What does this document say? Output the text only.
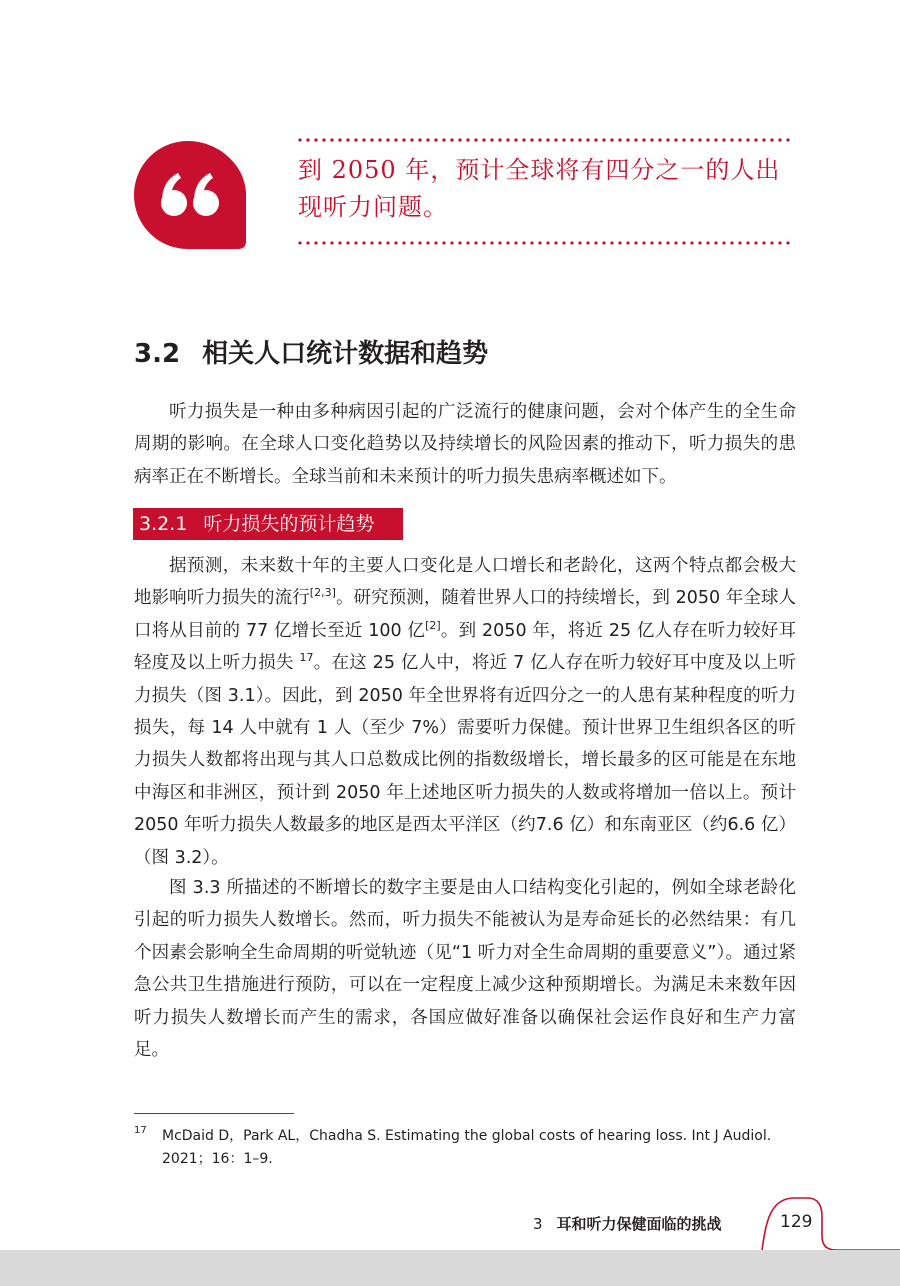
到 2050 年，预计全球将有四分之一的人出现听力问题。
3.2 相关人口统计数据和趋势

听力损失是一种由多种病因引起的广泛流行的健康问题，会对个体产生的全生命周期的影响。在全球人口变化趋势以及持续增长的风险因素的推动下，听力损失的患病率正在不断增长。全球当前和未来预计的听力损失患病率概述如下。

3.2.1 听力损失的预计趋势

据预测，未来数十年的主要人口变化是人口增长和老龄化，这两个特点都会极大地影响听力损失的流行[2,3]。研究预测，随着世界人口的持续增长，到 2050 年全球人口将从目前的 77 亿增长至近 100 亿[2]。到 2050 年，将近 25 亿人存在听力较好耳轻度及以上听力损失 $^{17}$。在这 25 亿人中，将近 7 亿人存在听力较好耳中度及以上听力损失（图 3.1）。因此，到 2050 年全世界将有近四分之一的人患有某种程度的听力损失，每 14 人中就有 1 人（至少 7%）需要听力保健。预计世界卫生组织各区的听力损失人数都将出现与其人口总数成比例的指数级增长，增长最多的区可能是在东地中海区和非洲区，预计到 2050 年上述地区听力损失的人数或将增加一倍以上。预计 2050 年听力损失人数最多的地区是西太平洋区（约7.6 亿）和东南亚区（约6.6 亿）（图 3.2）。

图 3.3 所描述的不断增长的数字主要是由人口结构变化引起的，例如全球老龄化引起的听力损失人数增长。然而，听力损失不能被认为是寿命延长的必然结果：有几个因素会影响全生命周期的听觉轨迹（见“1 听力对全生命周期的重要意义”）。通过紧急公共卫生措施进行预防，可以在一定程度上减少这种预期增长。为满足未来数年因听力损失人数增长而产生的需求，各国应做好准备以确保社会运作良好和生产力富足。

17 McDaid D，Park AL，Chadha S. Estimating the global costs of hearing loss. Int J Audiol. 2021；16：1–9.
3 耳和听力保健面临的挑战	129
